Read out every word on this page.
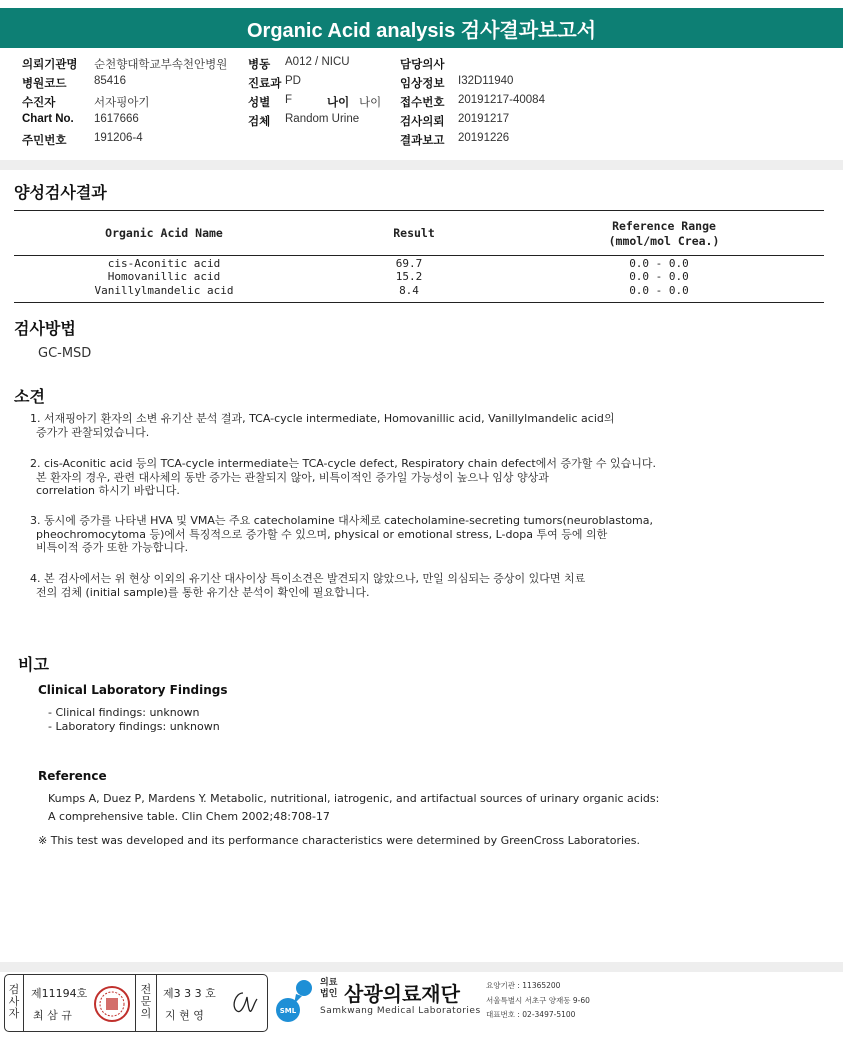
Organic Acid analysis 검사결과보고서
의뢰기관명 순천향대학교부속천안병원 병동 A012 / NICU	담당의사
병원코드 85416	진료과 PD	임상정보 I32D11940
수진자	서자핑아기	성별 F	나이 나이 접수번호 20191217-40084
Chart No. 1617666	검체 Random Urine	검사의뢰 20191217
주민번호 191206-4	결과보고 20191226
양성검사결과
Organic Acid Name	Result	Reference Range
(mmol/mol Crea.)
cis-Aconitic acid	69.7	0.0 - 0.0
Homovanillic acid	15.2	0.0 - 0.0
Vanillylmandelic acid	8.4	0.0 - 0.0
검사방법
GC-MSD
소견
1. 서재핑아기 환자의 소변 유기산 분석 결과, TCA-cycle intermediate, Homovanillic acid, Vanillylmandelic acid의
증가가 관찰되었습니다.
2. cis-Aconitic acid 등의 TCA-cycle intermediate는 TCA-cycle defect, Respiratory chain defect에서 증가할 수 있습니다.
본 환자의 경우, 관련 대사체의 동반 증가는 관찰되지 않아, 비특이적인 증가일 가능성이 높으나 임상 양상과
correlation 하시기 바랍니다.
3. 동시에 증가를 나타낸 HVA 및 VMA는 주요 catecholamine 대사체로 catecholamine-secreting tumors(neuroblastoma,
pheochromocytoma 등)에서 특징적으로 증가할 수 있으며, physical or emotional stress, L-dopa 투여 등에 의한
비특이적 증가 또한 가능합니다.
4. 본 검사에서는 위 현상 이외의 유기산 대사이상 특이소견은 발견되지 않았으나, 만일 의심되는 증상이 있다면 치료
전의 검체 (initial sample)를 통한 유기산 분석이 확인에 필요합니다.
비고
Clinical Laboratory Findings
- Clinical findings: unknown
- Laboratory findings: unknown
Reference
Kumps A, Duez P, Mardens Y. Metabolic, nutritional, iatrogenic, and artifactual sources of urinary organic acids:
A comprehensive table. Clin Chem 2002;48:708-17
※ This test was developed and its performance characteristics were determined by GreenCross Laboratories.
검사자
제11194호
최 삼 규
전문의
제3 3 3 호
지 현 영	SML
의료
법인 삼광의료재단
Samkwang Medical Laboratories
요양기관 : 11365200
서울특별시 서초구 양재동 9-60
대표번호 : 02-3497-5100
